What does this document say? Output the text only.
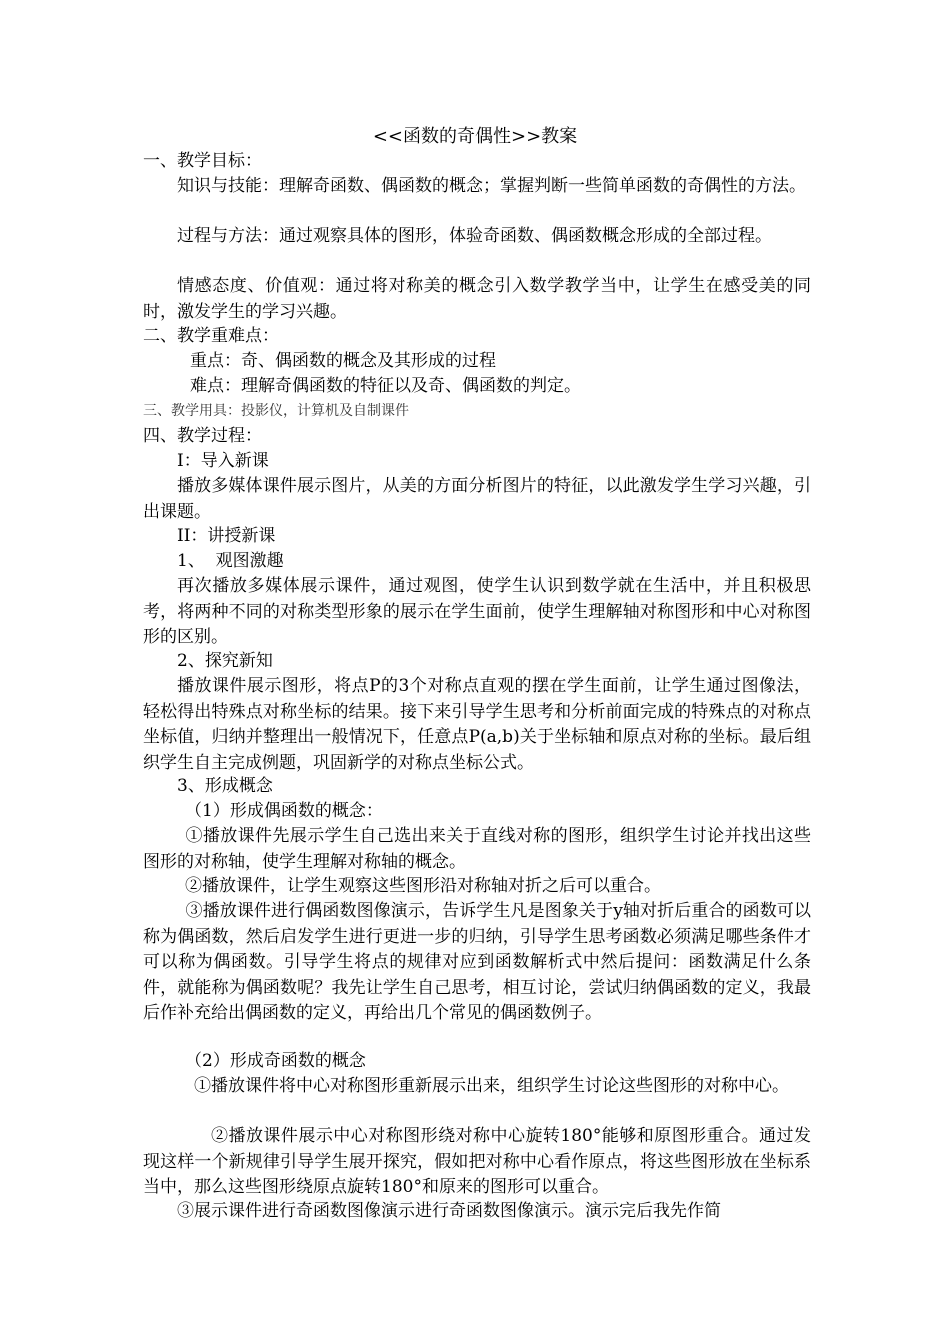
<<函数的奇偶性>>教案

一、教学目标：

知识与技能：理解奇函数、偶函数的概念；掌握判断一些简单函数的奇偶性的方法。

过程与方法：通过观察具体的图形，体验奇函数、偶函数概念形成的全部过程。

情感态度、价值观：通过将对称美的概念引入数学教学当中，让学生在感受美的同时，激发学生的学习兴趣。

二、教学重难点：

重点：奇、偶函数的概念及其形成的过程

难点：理解奇偶函数的特征以及奇、偶函数的判定。

三、教学用具：投影仪，计算机及自制课件

四、教学过程：

I：导入新课

播放多媒体课件展示图片，从美的方面分析图片的特征，以此激发学生学习兴趣，引出课题。

II：讲授新课

1、  观图激趣

再次播放多媒体展示课件，通过观图，使学生认识到数学就在生活中，并且积极思考，将两种不同的对称类型形象的展示在学生面前，使学生理解轴对称图形和中心对称图形的区别。

2、探究新知

播放课件展示图形，将点P的3个对称点直观的摆在学生面前，让学生通过图像法，轻松得出特殊点对称坐标的结果。接下来引导学生思考和分析前面完成的特殊点的对称点坐标值，归纳并整理出一般情况下，任意点P(a,b)关于坐标轴和原点对称的坐标。最后组织学生自主完成例题，巩固新学的对称点坐标公式。

3、形成概念

（1）形成偶函数的概念：

①播放课件先展示学生自己选出来关于直线对称的图形，组织学生讨论并找出这些图形的对称轴，使学生理解对称轴的概念。

②播放课件，让学生观察这些图形沿对称轴对折之后可以重合。

③播放课件进行偶函数图像演示，告诉学生凡是图象关于y轴对折后重合的函数可以称为偶函数，然后启发学生进行更进一步的归纳，引导学生思考函数必须满足哪些条件才可以称为偶函数。引导学生将点的规律对应到函数解析式中然后提问：函数满足什么条件，就能称为偶函数呢？我先让学生自己思考，相互讨论，尝试归纳偶函数的定义，我最后作补充给出偶函数的定义，再给出几个常见的偶函数例子。

（2）形成奇函数的概念

①播放课件将中心对称图形重新展示出来，组织学生讨论这些图形的对称中心。

②播放课件展示中心对称图形绕对称中心旋转180°能够和原图形重合。通过发现这样一个新规律引导学生展开探究，假如把对称中心看作原点，将这些图形放在坐标系当中，那么这些图形绕原点旋转180°和原来的图形可以重合。

③展示课件进行奇函数图像演示进行奇函数图像演示。演示完后我先作简
